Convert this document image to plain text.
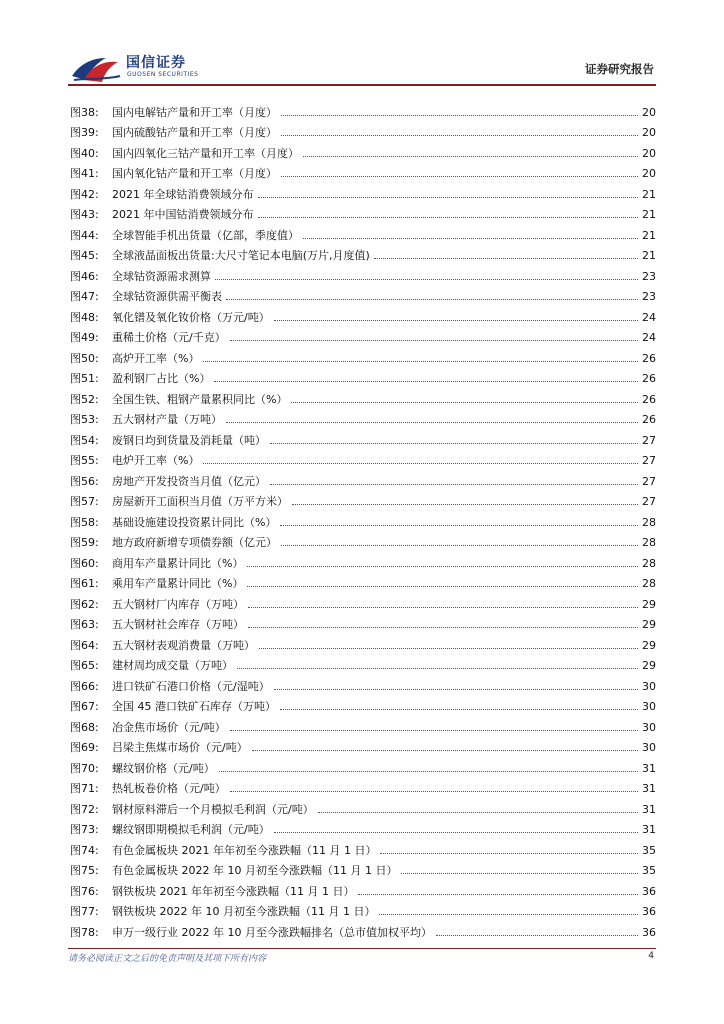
国信证券
GUOSEN SECURITIES	证券研究报告
图38:	国内电解钴产量和开工率（月度）	20
图39:	国内硫酸钴产量和开工率（月度）	20
图40:	国内四氧化三钴产量和开工率（月度）	20
图41:	国内氧化钴产量和开工率（月度）	20
图42:	2021 年全球钴消费领域分布	21
图43:	2021 年中国钴消费领域分布	21
图44:	全球智能手机出货量（亿部，季度值）	21
图45:	全球液晶面板出货量:大尺寸笔记本电脑(万片,月度值)	21
图46:	全球钴资源需求测算	23
图47:	全球钴资源供需平衡表	23
图48:	氧化镨及氧化钕价格（万元/吨）	24
图49:	重稀土价格（元/千克）	24
图50:	高炉开工率（%）	26
图51:	盈利钢厂占比（%）	26
图52:	全国生铁、粗钢产量累积同比（%）	26
图53:	五大钢材产量（万吨）	26
图54:	废钢日均到货量及消耗量（吨）	27
图55:	电炉开工率（%）	27
图56:	房地产开发投资当月值（亿元）	27
图57:	房屋新开工面积当月值（万平方米）	27
图58:	基础设施建设投资累计同比（%）	28
图59:	地方政府新增专项债券额（亿元）	28
图60:	商用车产量累计同比（%）	28
图61:	乘用车产量累计同比（%）	28
图62:	五大钢材厂内库存（万吨）	29
图63:	五大钢材社会库存（万吨）	29
图64:	五大钢材表观消费量（万吨）	29
图65:	建材周均成交量（万吨）	29
图66:	进口铁矿石港口价格（元/湿吨）	30
图67:	全国 45 港口铁矿石库存（万吨）	30
图68:	冶金焦市场价（元/吨）	30
图69:	吕梁主焦煤市场价（元/吨）	30
图70:	螺纹钢价格（元/吨）	31
图71:	热轧板卷价格（元/吨）	31
图72:	钢材原料滞后一个月模拟毛利润（元/吨）	31
图73:	螺纹钢即期模拟毛利润（元/吨）	31
图74:	有色金属板块 2021 年年初至今涨跌幅（11 月 1 日）	35
图75:	有色金属板块 2022 年 10 月初至今涨跌幅（11 月 1 日）	35
图76:	钢铁板块 2021 年年初至今涨跌幅（11 月 1 日）	36
图77:	钢铁板块 2022 年 10 月初至今涨跌幅（11 月 1 日）	36
图78:	申万一级行业 2022 年 10 月至今涨跌幅排名（总市值加权平均）	36
请务必阅读正文之后的免责声明及其项下所有内容	4
